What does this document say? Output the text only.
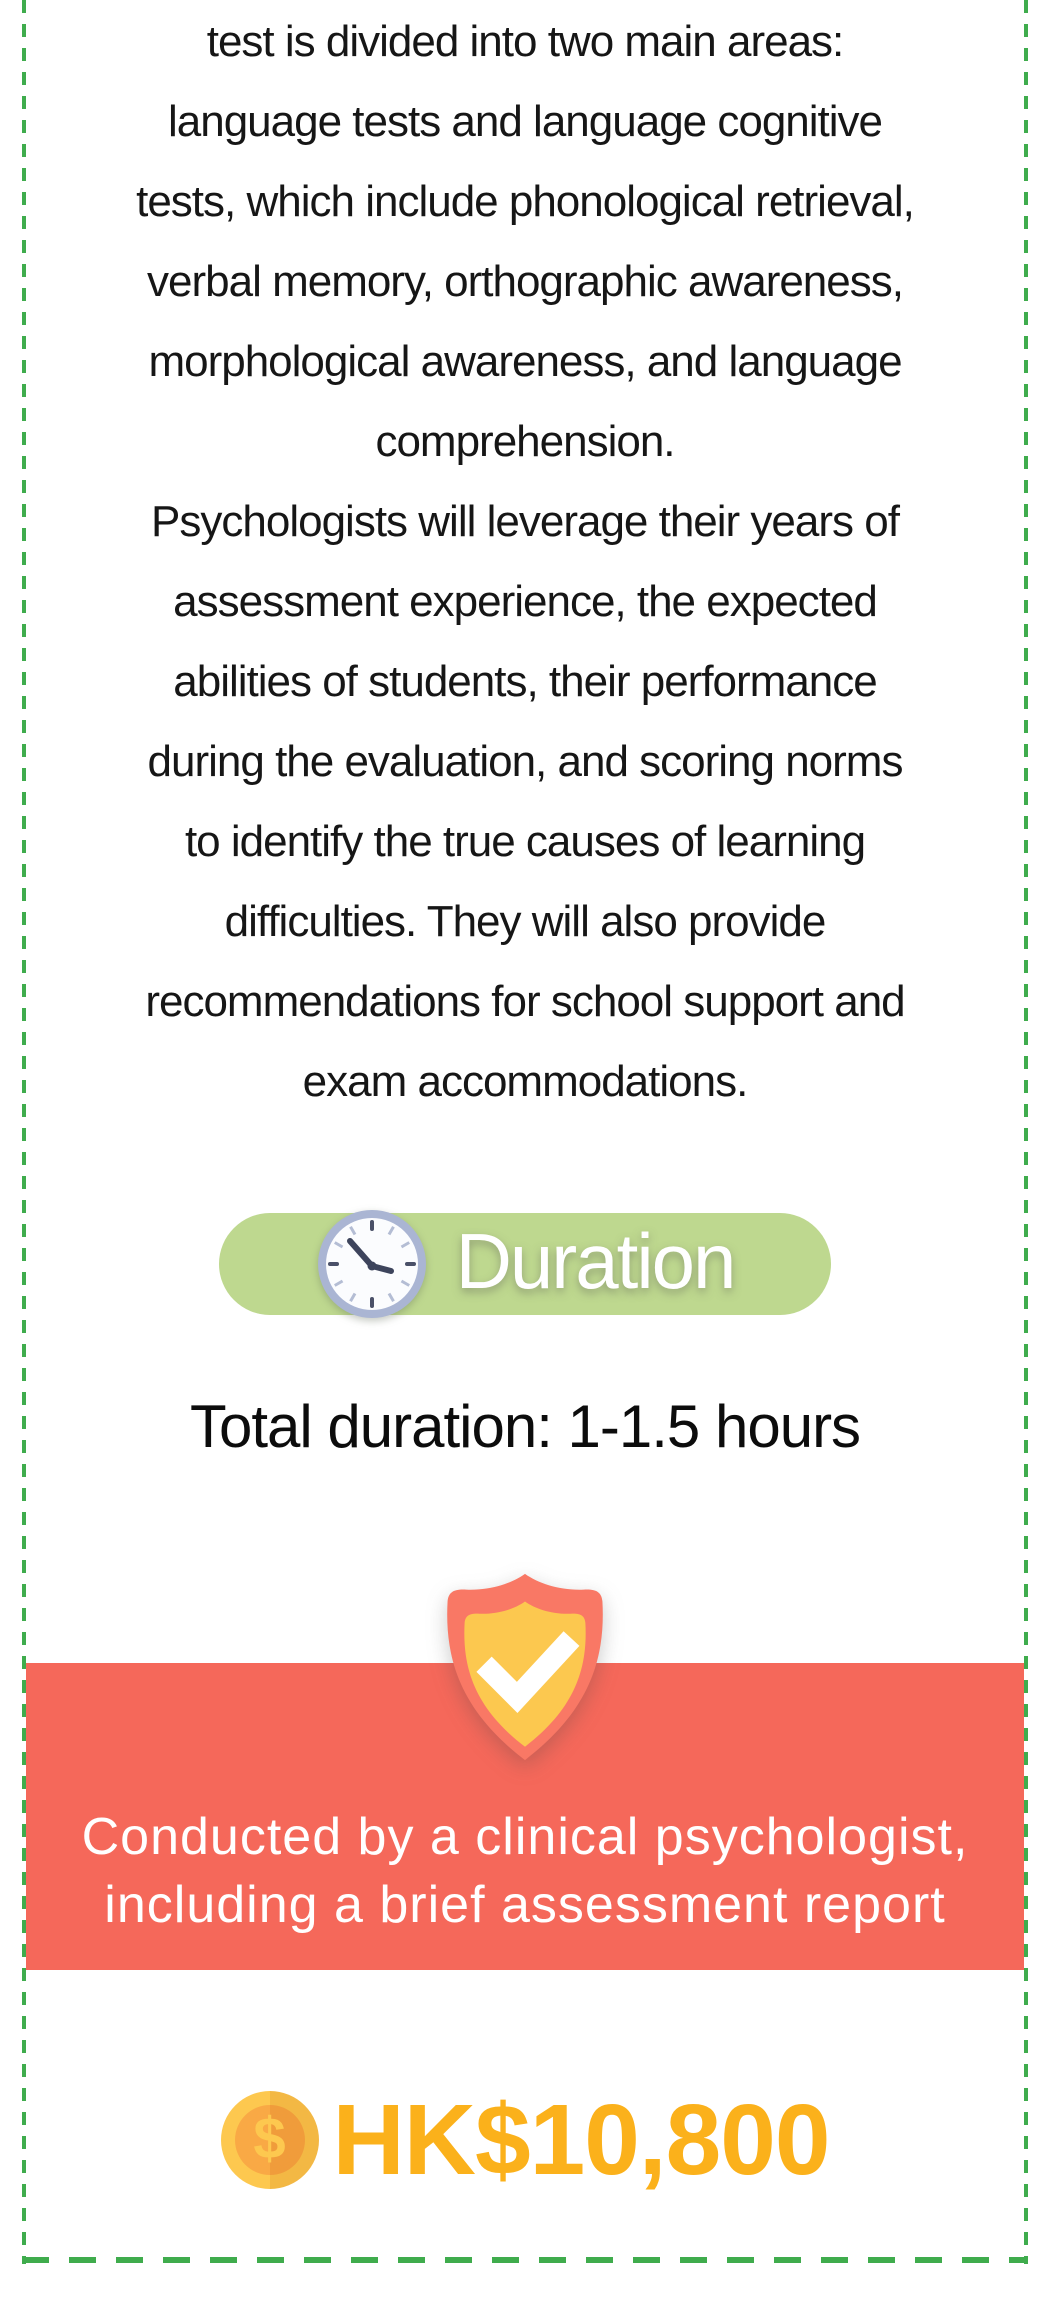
test is divided into two main areas:
language tests and language cognitive
tests, which include phonological retrieval,
verbal memory, orthographic awareness,
morphological awareness, and language
comprehension.
Psychologists will leverage their years of
assessment experience, the expected
abilities of students, their performance
during the evaluation, and scoring norms
to identify the true causes of learning
difficulties. They will also provide
recommendations for school support and
exam accommodations.
Duration
Total duration: 1-1.5 hours
Conducted by a clinical psychologist,
including a brief assessment report
$ HK$10,800
